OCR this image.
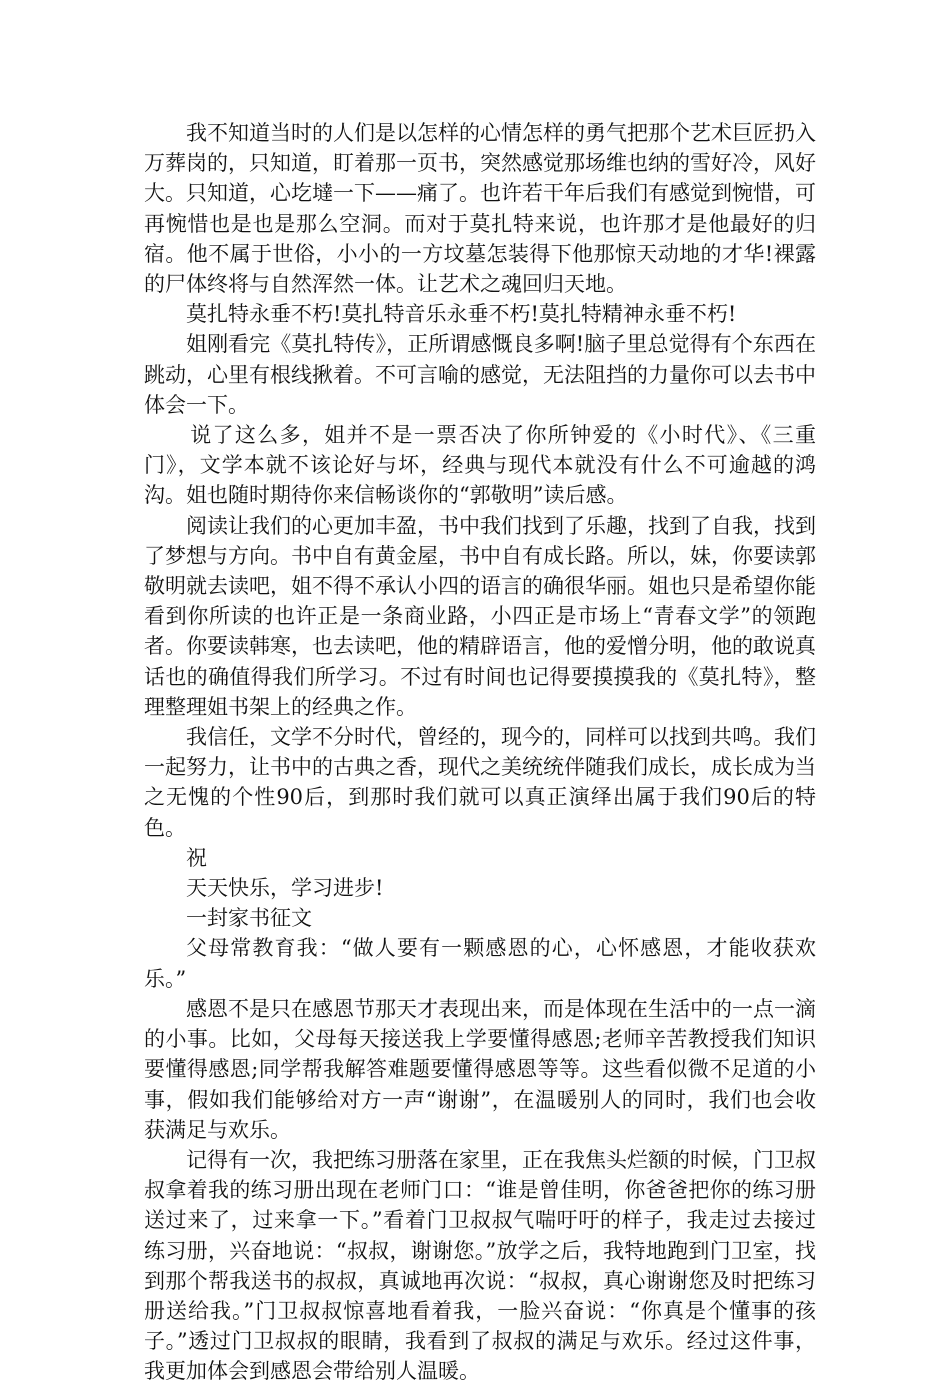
我不知道当时的人们是以怎样的心情怎样的勇气把那个艺术巨匠扔入万葬岗的，只知道，盯着那一页书，突然感觉那场维也纳的雪好冷，风好大。只知道，心圪墶一下——痛了。也许若干年后我们有感觉到惋惜，可再惋惜也是也是那么空洞。而对于莫扎特来说，也许那才是他最好的归宿。他不属于世俗，小小的一方坟墓怎装得下他那惊天动地的才华!裸露的尸体终将与自然浑然一体。让艺术之魂回归天地。

莫扎特永垂不朽!莫扎特音乐永垂不朽!莫扎特精神永垂不朽!

姐刚看完《莫扎特传》，正所谓感慨良多啊!脑子里总觉得有个东西在跳动，心里有根线揪着。不可言喻的感觉，无法阻挡的力量你可以去书中体会一下。

说了这么多，姐并不是一票否决了你所钟爱的《小时代》、《三重门》，文学本就不该论好与坏，经典与现代本就没有什么不可逾越的鸿沟。姐也随时期待你来信畅谈你的“郭敬明”读后感。

阅读让我们的心更加丰盈，书中我们找到了乐趣，找到了自我，找到了梦想与方向。书中自有黄金屋，书中自有成长路。所以，妹，你要读郭敬明就去读吧，姐不得不承认小四的语言的确很华丽。姐也只是希望你能看到你所读的也许正是一条商业路，小四正是市场上“青春文学”的领跑者。你要读韩寒，也去读吧，他的精辟语言，他的爱憎分明，他的敢说真话也的确值得我们所学习。不过有时间也记得要摸摸我的《莫扎特》，整理整理姐书架上的经典之作。

我信任，文学不分时代，曾经的，现今的，同样可以找到共鸣。我们一起努力，让书中的古典之香，现代之美统统伴随我们成长，成长成为当之无愧的个性90后，到那时我们就可以真正演绎出属于我们90后的特色。

祝

天天快乐，学习进步!

一封家书征文

父母常教育我：“做人要有一颗感恩的心，心怀感恩，才能收获欢乐。”

感恩不是只在感恩节那天才表现出来，而是体现在生活中的一点一滴的小事。比如，父母每天接送我上学要懂得感恩;老师辛苦教授我们知识要懂得感恩;同学帮我解答难题要懂得感恩等等。这些看似微不足道的小事，假如我们能够给对方一声“谢谢”，在温暖别人的同时，我们也会收获满足与欢乐。

记得有一次，我把练习册落在家里，正在我焦头烂额的时候，门卫叔叔拿着我的练习册出现在老师门口：“谁是曾佳明，你爸爸把你的练习册送过来了，过来拿一下。”看着门卫叔叔气喘吁吁的样子，我走过去接过练习册，兴奋地说：“叔叔，谢谢您。”放学之后，我特地跑到门卫室，找到那个帮我送书的叔叔，真诚地再次说：“叔叔，真心谢谢您及时把练习册送给我。”门卫叔叔惊喜地看着我，一脸兴奋说：“你真是个懂事的孩子。”透过门卫叔叔的眼睛，我看到了叔叔的满足与欢乐。经过这件事，我更加体会到感恩会带给别人温暖。
